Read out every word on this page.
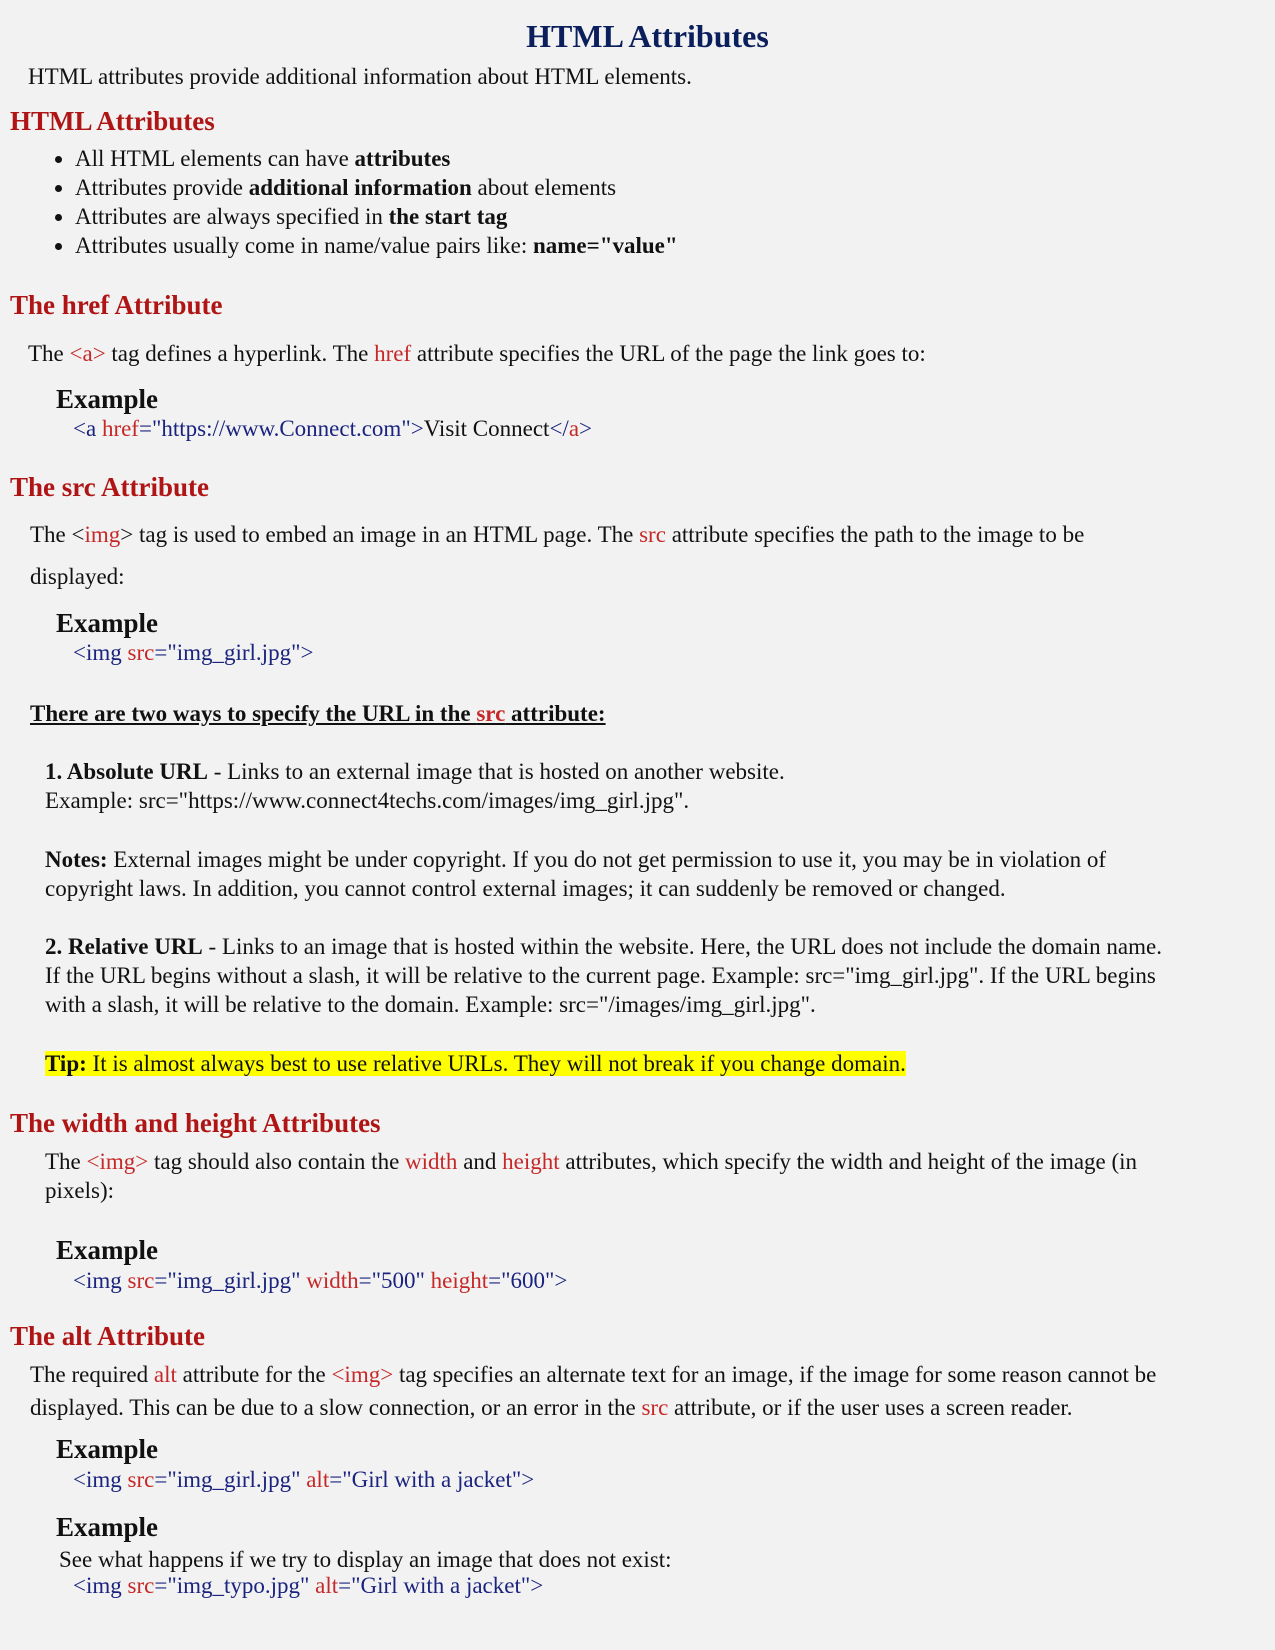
HTML Attributes
HTML attributes provide additional information about HTML elements.
HTML Attributes
• All HTML elements can have attributes
• Attributes provide additional information about elements
• Attributes are always specified in the start tag
• Attributes usually come in name/value pairs like: name="value"
The href Attribute
The <a> tag defines a hyperlink. The href attribute specifies the URL of the page the link goes to:
Example
<a href="https://www.Connect.com">Visit Connect</a>
The src Attribute
The <img> tag is used to embed an image in an HTML page. The src attribute specifies the path to the image to be
displayed:
Example
<img src="img_girl.jpg">
There are two ways to specify the URL in the src attribute:
1. Absolute URL - Links to an external image that is hosted on another website.
Example: src="https://www.connect4techs.com/images/img_girl.jpg".
Notes: External images might be under copyright. If you do not get permission to use it, you may be in violation of
copyright laws. In addition, you cannot control external images; it can suddenly be removed or changed.
2. Relative URL - Links to an image that is hosted within the website. Here, the URL does not include the domain name.
If the URL begins without a slash, it will be relative to the current page. Example: src="img_girl.jpg". If the URL begins
with a slash, it will be relative to the domain. Example: src="/images/img_girl.jpg".
Tip: It is almost always best to use relative URLs. They will not break if you change domain.
The width and height Attributes
The <img> tag should also contain the width and height attributes, which specify the width and height of the image (in
pixels):
Example
<img src="img_girl.jpg" width="500" height="600">
The alt Attribute
The required alt attribute for the <img> tag specifies an alternate text for an image, if the image for some reason cannot be
displayed. This can be due to a slow connection, or an error in the src attribute, or if the user uses a screen reader.
Example
<img src="img_girl.jpg" alt="Girl with a jacket">
Example
See what happens if we try to display an image that does not exist:
<img src="img_typo.jpg" alt="Girl with a jacket">
